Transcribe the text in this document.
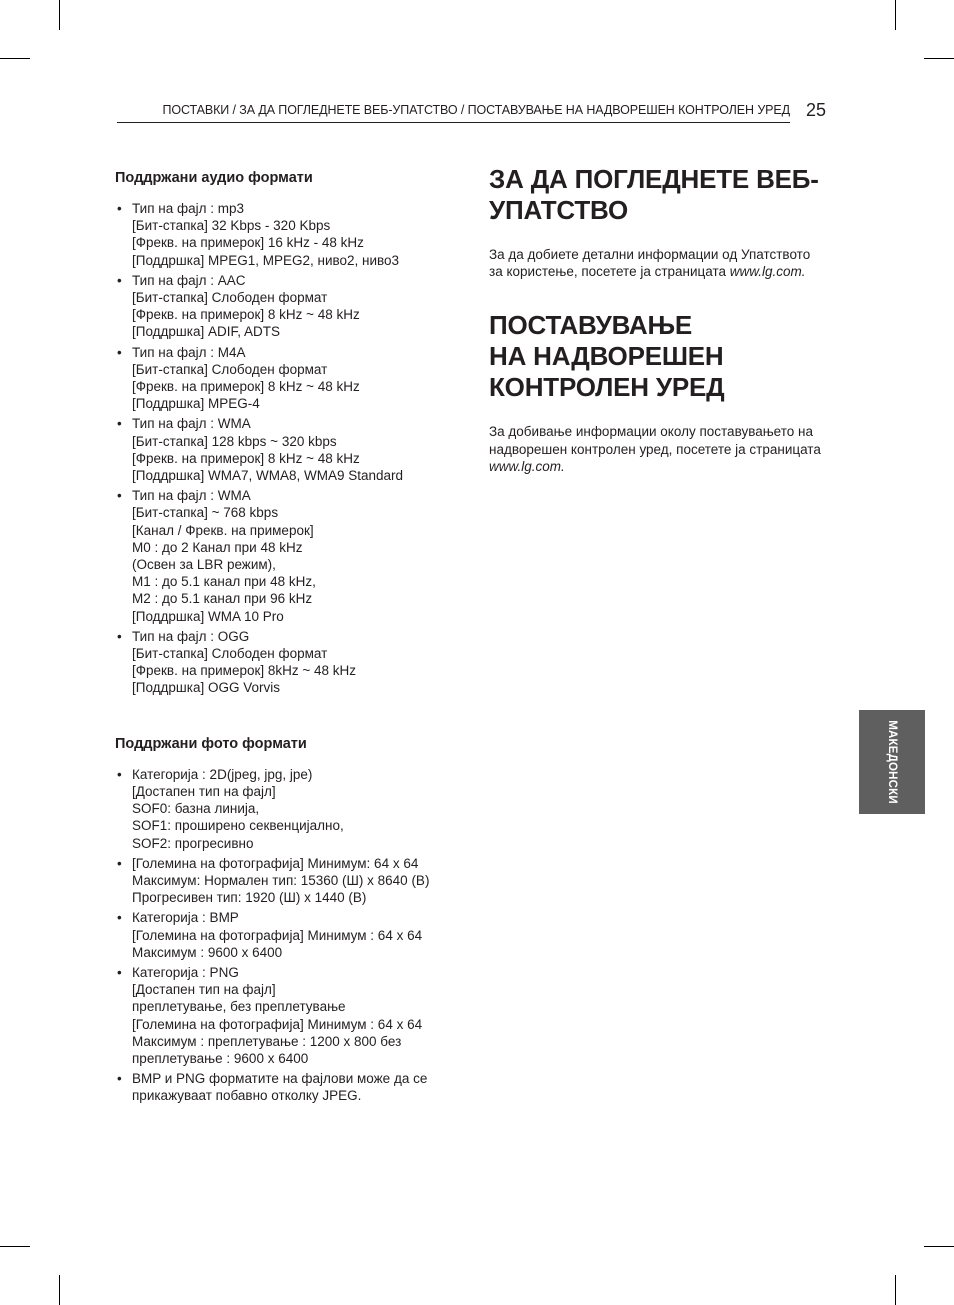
ПОСТАВКИ / ЗА ДА ПОГЛЕДНЕТЕ ВЕБ-УПАТСТВО / ПОСТАВУВАЊЕ НА НАДВОРЕШЕН КОНТРОЛЕН УРЕД 25
Поддржани аудио формати
• Тип на фајл : mp3
[Бит-стапка] 32 Kbps - 320 Kbps
[Фрекв. на примерок] 16 kHz - 48 kHz
[Поддршка] MPEG1, MPEG2, ниво2, ниво3
• Тип на фајл : AAC
[Бит-стапка] Слободен формат
[Фрекв. на примерок] 8 kHz ~ 48 kHz
[Поддршка] ADIF, ADTS
• Тип на фајл : M4A
[Бит-стапка] Слободен формат
[Фрекв. на примерок] 8 kHz ~ 48 kHz
[Поддршка] MPEG-4
• Тип на фајл : WMA
[Бит-стапка] 128 kbps ~ 320 kbps
[Фрекв. на примерок] 8 kHz ~ 48 kHz
[Поддршка] WMA7, WMA8, WMA9 Standard
• Тип на фајл : WMA
[Бит-стапка] ~ 768 kbps
[Канал / Фрекв. на примерок]
M0 : до 2 Канал при 48 kHz
(Освен за LBR режим),
M1 : до 5.1 канал при 48 kHz,
M2 : до 5.1 канал при 96 kHz
[Поддршка] WMA 10 Pro
• Тип на фајл : OGG
[Бит-стапка] Слободен формат
[Фрекв. на примерок] 8kHz ~ 48 kHz
[Поддршка] OGG Vorvis
Поддржани фото формати
• Категорија : 2D(jpeg, jpg, jpe)
[Достапен тип на фајл]
SOF0: базна линија,
SOF1: проширено секвенцијално,
SOF2: прогресивно
• [Големина на фотографија] Минимум: 64 x 64
Максимум: Нормален тип: 15360 (Ш) x 8640 (В)
Прогресивен тип: 1920 (Ш) x 1440 (В)
• Категорија : BMP
[Големина на фотографија] Минимум : 64 x 64
Максимум : 9600 x 6400
• Категорија : PNG
[Достапен тип на фајл]
преплетување, без преплетување
[Големина на фотографија] Минимум : 64 x 64
Максимум : преплетување : 1200 x 800 без
преплетување : 9600 x 6400
• BMP и PNG форматите на фајлови може да се
прикажуваат побавно отколку JPEG.
ЗА ДА ПОГЛЕДНЕТЕ ВЕБ-
УПАТСТВО

За да добиете детални информации од Упатството
за користење, посетете ја страницата www.lg.com.

ПОСТАВУВАЊЕ
НА НАДВОРЕШЕН
КОНТРОЛЕН УРЕД

За добивање информации околу поставувањето на
надворешен контролен уред, посетете ја страницата
www.lg.com.

МАКЕДОНСКИ
